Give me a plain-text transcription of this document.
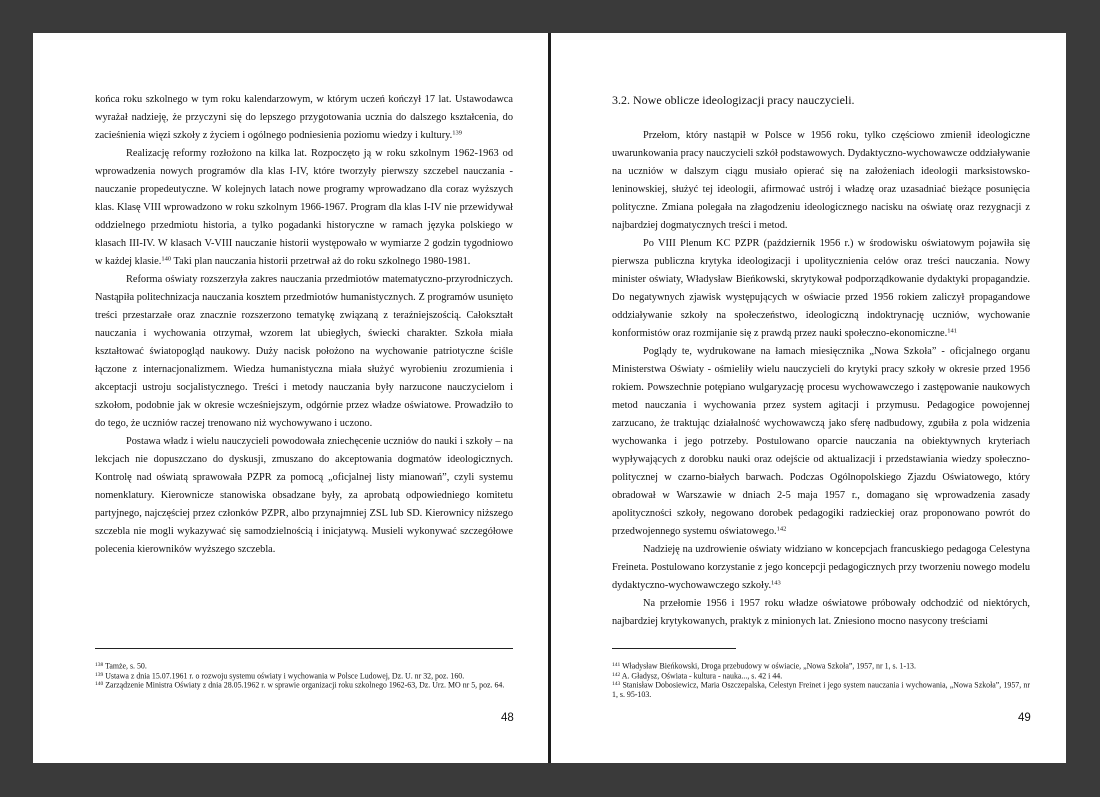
końca roku szkolnego w tym roku kalendarzowym, w którym uczeń kończył 17 lat. Ustawodawca wyrażał nadzieję, że przyczyni się do lepszego przygotowania ucznia do dalszego kształcenia, do zacieśnienia więzi szkoły z życiem i ogólnego podniesienia poziomu wiedzy i kultury.$^{139}$

Realizację reformy rozłożono na kilka lat. Rozpoczęto ją w roku szkolnym 1962-1963 od wprowadzenia nowych programów dla klas I-IV, które tworzyły pierwszy szczebel nauczania - nauczanie propedeutyczne. W kolejnych latach nowe programy wprowadzano dla coraz wyższych klas. Klasę VIII wprowadzono w roku szkolnym 1966-1967. Program dla klas I-IV nie przewidywał oddzielnego przedmiotu historia, a tylko pogadanki historyczne w ramach języka polskiego w klasach III-IV. W klasach V-VIII nauczanie historii występowało w wymiarze 2 godzin tygodniowo w każdej klasie.$^{140}$ Taki plan nauczania historii przetrwał aż do roku szkolnego 1980-1981.

Reforma oświaty rozszerzyła zakres nauczania przedmiotów matematyczno-przyrodniczych. Nastąpiła politechnizacja nauczania kosztem przedmiotów humanistycznych. Z programów usunięto treści przestarzałe oraz znacznie rozszerzono tematykę związaną z teraźniejszością. Całokształt nauczania i wychowania otrzymał, wzorem lat ubiegłych, świecki charakter. Szkoła miała kształtować światopogląd naukowy. Duży nacisk położono na wychowanie patriotyczne ściśle łączone z internacjonalizmem. Wiedza humanistyczna miała służyć wyrobieniu zrozumienia i akceptacji ustroju socjalistycznego. Treści i metody nauczania były narzucone nauczycielom i szkołom, podobnie jak w okresie wcześniejszym, odgórnie przez władze oświatowe. Prowadziło to do tego, że uczniów raczej trenowano niż wychowywano i uczono.

Postawa władz i wielu nauczycieli powodowała zniechęcenie uczniów do nauki i szkoły – na lekcjach nie dopuszczano do dyskusji, zmuszano do akceptowania dogmatów ideologicznych. Kontrolę nad oświatą sprawowała PZPR za pomocą „oficjalnej listy mianowań”, czyli systemu nomenklatury. Kierownicze stanowiska obsadzane były, za aprobatą odpowiedniego komitetu partyjnego, najczęściej przez członków PZPR, albo przynajmniej ZSL lub SD. Kierownicy niższego szczebla nie mogli wykazywać się samodzielnością i inicjatywą. Musieli wykonywać szczegółowe polecenia kierowników wyższego szczebla.

$^{138}$ Tamże, s. 50.
$^{139}$ Ustawa z dnia 15.07.1961 r. o rozwoju systemu oświaty i wychowania w Polsce Ludowej, Dz. U. nr 32, poz. 160.
$^{140}$ Zarządzenie Ministra Oświaty z dnia 28.05.1962 r. w sprawie organizacji roku szkolnego 1962-63, Dz. Urz. MO nr 5, poz. 64.
48
3.2. Nowe oblicze ideologizacji pracy nauczycieli.

Przełom, który nastąpił w Polsce w 1956 roku, tylko częściowo zmienił ideologiczne uwarunkowania pracy nauczycieli szkół podstawowych. Dydaktyczno-wychowawcze oddziaływanie na uczniów w dalszym ciągu musiało opierać się na założeniach ideologii marksistowsko-leninowskiej, służyć tej ideologii, afirmować ustrój i władzę oraz uzasadniać bieżące posunięcia polityczne. Zmiana polegała na złagodzeniu ideologicznego nacisku na oświatę oraz rezygnacji z najbardziej dogmatycznych treści i metod.

Po VIII Plenum KC PZPR (październik 1956 r.) w środowisku oświatowym pojawiła się pierwsza publiczna krytyka ideologizacji i upolitycznienia celów oraz treści nauczania. Nowy minister oświaty, Władysław Bieńkowski, skrytykował podporządkowanie dydaktyki propagandzie. Do negatywnych zjawisk występujących w oświacie przed 1956 rokiem zaliczył propagandowe oddziaływanie szkoły na społeczeństwo, ideologiczną indoktrynację uczniów, wychowanie konformistów oraz rozmijanie się z prawdą przez nauki społeczno-ekonomiczne.$^{141}$

Poglądy te, wydrukowane na łamach miesięcznika „Nowa Szkoła” - oficjalnego organu Ministerstwa Oświaty - ośmieliły wielu nauczycieli do krytyki pracy szkoły w okresie przed 1956 rokiem. Powszechnie potępiano wulgaryzację procesu wychowawczego i zastępowanie naukowych metod nauczania i wychowania przez system agitacji i przymusu. Pedagogice powojennej zarzucano, że traktując działalność wychowawczą jako sferę nadbudowy, zgubiła z pola widzenia wychowanka i jego potrzeby. Postulowano oparcie nauczania na obiektywnych kryteriach wypływających z dorobku nauki oraz odejście od aktualizacji i przedstawiania wiedzy społeczno-politycznej w czarno-białych barwach. Podczas Ogólnopolskiego Zjazdu Oświatowego, który obradował w Warszawie w dniach 2-5 maja 1957 r., domagano się wprowadzenia zasady apolityczności szkoły, negowano dorobek pedagogiki radzieckiej oraz proponowano powrót do przedwojennego systemu oświatowego.$^{142}$

Nadzieję na uzdrowienie oświaty widziano w koncepcjach francuskiego pedagoga Celestyna Freineta. Postulowano korzystanie z jego koncepcji pedagogicznych przy tworzeniu nowego modelu dydaktyczno-wychowawczego szkoły.$^{143}$

Na przełomie 1956 i 1957 roku władze oświatowe próbowały odchodzić od niektórych, najbardziej krytykowanych, praktyk z minionych lat. Zniesiono mocno nasycony treściami

$^{141}$ Władysław Bieńkowski, Droga przebudowy w oświacie, „Nowa Szkoła”, 1957, nr 1, s. 1-13.
$^{142}$ A. Gładysz, Oświata - kultura - nauka..., s. 42 i 44.
$^{143}$ Stanisław Dobosiewicz, Maria Oszczepalska, Celestyn Freinet i jego system nauczania i wychowania, „Nowa Szkoła”, 1957, nr 1, s. 95-103.
49
